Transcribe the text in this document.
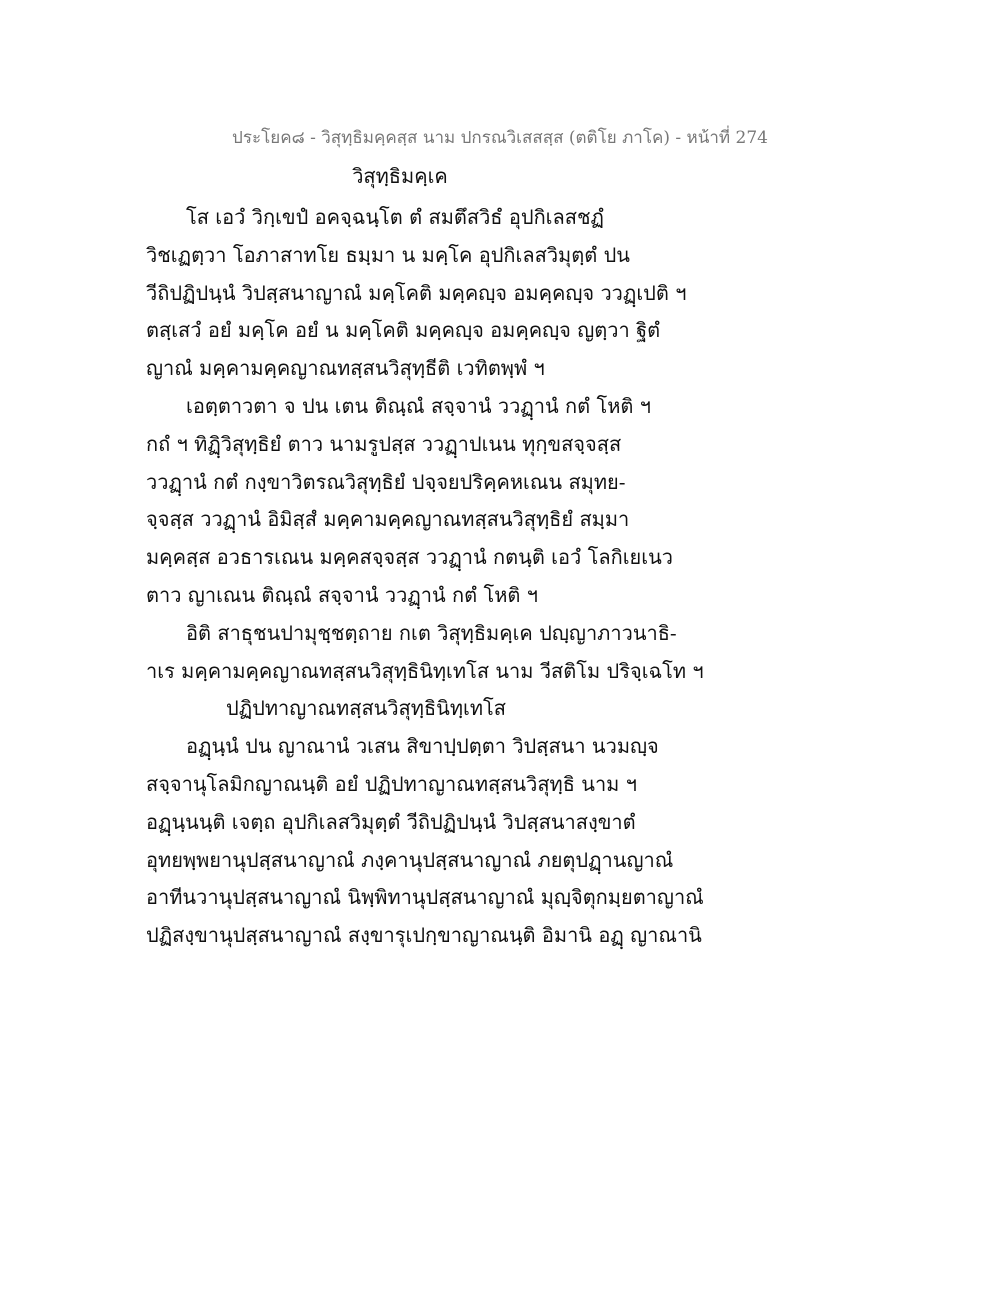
ประโยค๘ - วิสุทฺธิมคฺคสฺส นาม ปกรณวิเสสสฺส (ตติโย ภาโค) - หน้าที่ 274
วิสุทฺธิมคฺเค
โส เอวํ วิกฺเขปํ อคจฺฉนฺโต ตํ สมตึสวิธํ อุปกิเลสชฏํ
วิชเฏตฺวา โอภาสาทโย ธมฺมา น มคฺโค อุปกิเลสวิมุตฺตํ ปน
วีถิปฏิปนฺนํ วิปสฺสนาญาณํ มคฺโคติ มคฺคญฺจ อมคฺคญฺจ ววฏฺเปติ ฯ
ตสฺเสวํ อยํ มคฺโค อยํ น มคฺโคติ มคฺคญฺจ อมคฺคญฺจ ญตฺวา ฐิตํ
ญาณํ มคฺคามคฺคญาณทสฺสนวิสุทฺธีติ เวทิตพฺพํ ฯ
เอตฺตาวตา จ ปน เตน ติณฺณํ สจฺจานํ ววฏฺานํ กตํ โหติ ฯ
กถํ ฯ ทิฏฺิวิสุทฺธิยํ ตาว นามรูปสฺส ววฏฺาปเนน ทุกฺขสจฺจสฺส
ววฏฺานํ กตํ กงฺขาวิตรณวิสุทฺธิยํ ปจฺจยปริคฺคหเณน สมุทย-
จฺจสฺส ววฏฺานํ อิมิสฺสํ มคฺคามคฺคญาณทสฺสนวิสุทฺธิยํ สมฺมา
มคฺคสฺส อวธารเณน มคฺคสจฺจสฺส ววฏฺานํ กตนฺติ เอวํ โลกิเยเนว
ตาว ญาเณน ติณฺณํ สจฺจานํ ววฏฺานํ กตํ โหติ ฯ
อิติ สาธุชนปามุชฺชตฺถาย กเต วิสุทฺธิมคฺเค ปญฺญาภาวนาธิ-
าเร มคฺคามคฺคญาณทสฺสนวิสุทฺธินิทฺเทโส นาม วีสติโม ปริจฺเฉโท ฯ
ปฏิปทาญาณทสฺสนวิสุทฺธินิทฺเทโส
อฏฺนฺนํ ปน ญาณานํ วเสน สิขาปฺปตฺตา วิปสฺสนา นวมญฺจ
สจฺจานุโลมิกญาณนฺติ อยํ ปฏิปทาญาณทสฺสนวิสุทฺธิ นาม ฯ
อฏฺนฺนนฺติ เจตฺถ อุปกิเลสวิมุตฺตํ วีถิปฏิปนฺนํ วิปสฺสนาสงฺขาตํ
อุทยพฺพยานุปสฺสนาญาณํ ภงฺคานุปสฺสนาญาณํ ภยตุปฏฺานญาณํ
อาทีนวานุปสฺสนาญาณํ นิพฺพิทานุปสฺสนาญาณํ มุญฺจิตุกมฺยตาญาณํ
ปฏิสงฺขานุปสฺสนาญาณํ สงฺขารุเปกฺขาญาณนฺติ อิมานิ อฏฺ ญาณานิ
